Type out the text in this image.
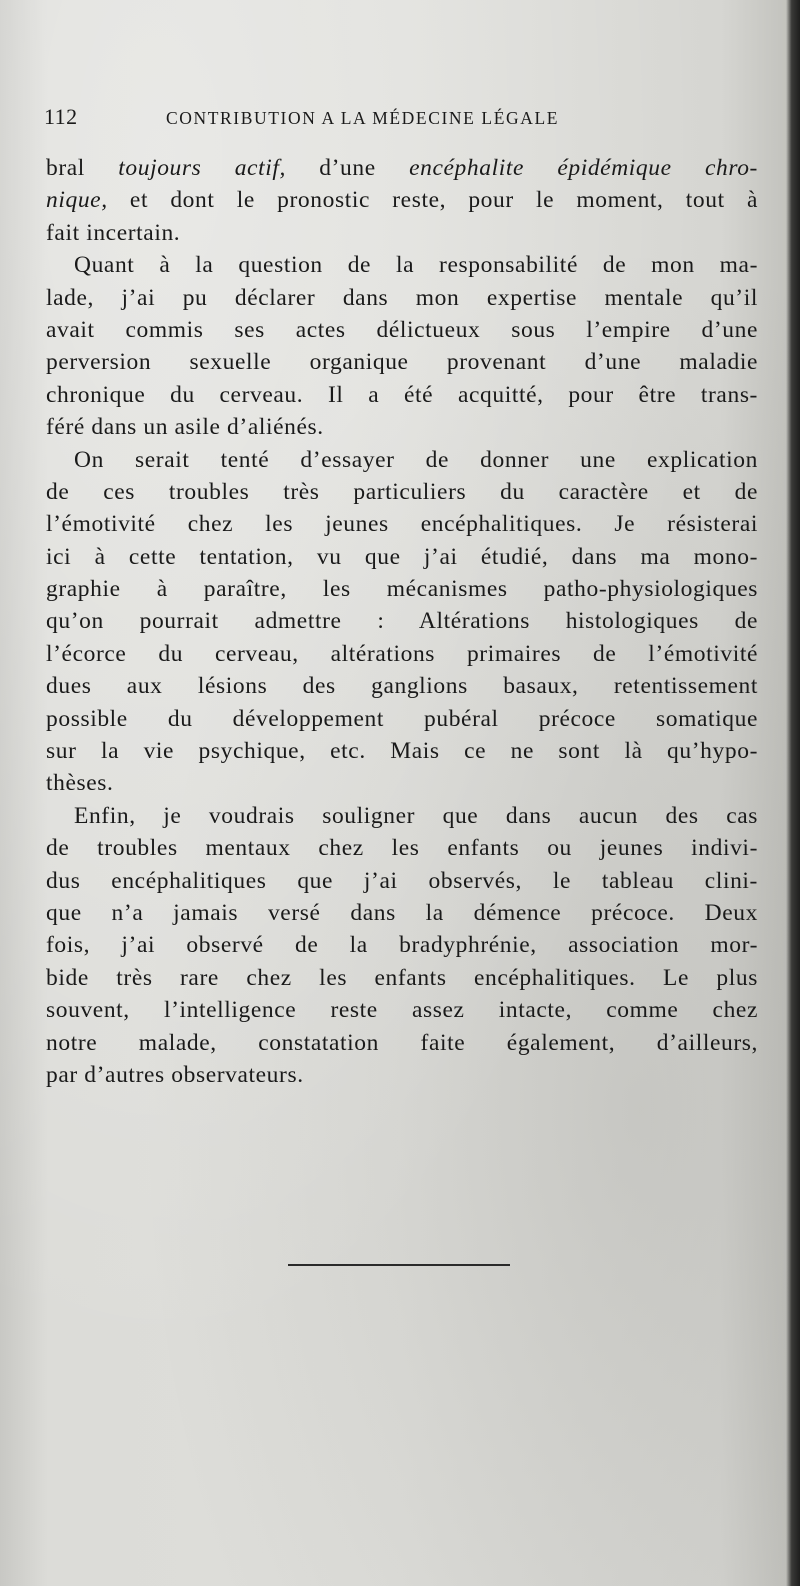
112	CONTRIBUTION A LA MÉDECINE LÉGALE
bral toujours actif, d’une encéphalite épidémique chro-
nique, et dont le pronostic reste, pour le moment, tout à
fait incertain.
Quant à la question de la responsabilité de mon ma-
lade, j’ai pu déclarer dans mon expertise mentale qu’il
avait commis ses actes délictueux sous l’empire d’une
perversion sexuelle organique provenant d’une maladie
chronique du cerveau. Il a été acquitté, pour être trans-
féré dans un asile d’aliénés.
On serait tenté d’essayer de donner une explication
de ces troubles très particuliers du caractère et de
l’émotivité chez les jeunes encéphalitiques. Je résisterai
ici à cette tentation, vu que j’ai étudié, dans ma mono-
graphie à paraître, les mécanismes patho-physiologiques
qu’on pourrait admettre : Altérations histologiques de
l’écorce du cerveau, altérations primaires de l’émotivité
dues aux lésions des ganglions basaux, retentissement
possible du développement pubéral précoce somatique
sur la vie psychique, etc. Mais ce ne sont là qu’hypo-
thèses.
Enfin, je voudrais souligner que dans aucun des cas
de troubles mentaux chez les enfants ou jeunes indivi-
dus encéphalitiques que j’ai observés, le tableau clini-
que n’a jamais versé dans la démence précoce. Deux
fois, j’ai observé de la bradyphrénie, association mor-
bide très rare chez les enfants encéphalitiques. Le plus
souvent, l’intelligence reste assez intacte, comme chez
notre malade, constatation faite également, d’ailleurs,
par d’autres observateurs.
